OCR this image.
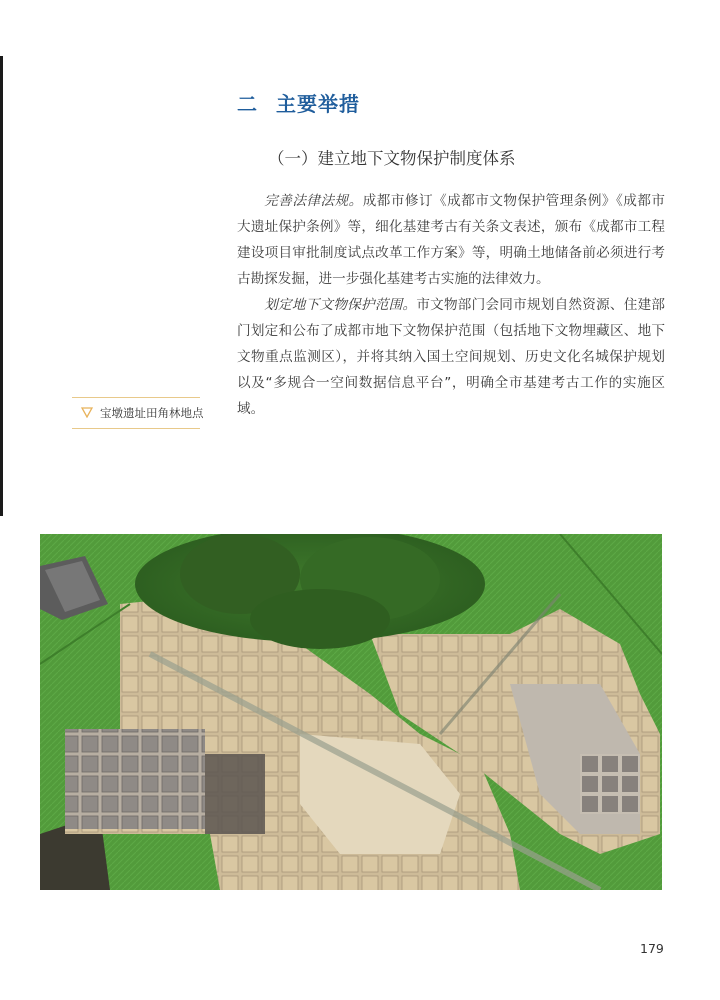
二 主要举措
（一）建立地下文物保护制度体系

完善法律法规。成都市修订《成都市文物保护管理条例》《成都市大遗址保护条例》等，细化基建考古有关条文表述，颁布《成都市工程建设项目审批制度试点改革工作方案》等，明确土地储备前必须进行考古勘探发掘，进一步强化基建考古实施的法律效力。

划定地下文物保护范围。市文物部门会同市规划自然资源、住建部门划定和公布了成都市地下文物保护范围（包括地下文物埋藏区、地下文物重点监测区），并将其纳入国土空间规划、历史文化名城保护规划以及“多规合一空间数据信息平台”，明确全市基建考古工作的实施区域。

宝墩遗址田角林地点
179
